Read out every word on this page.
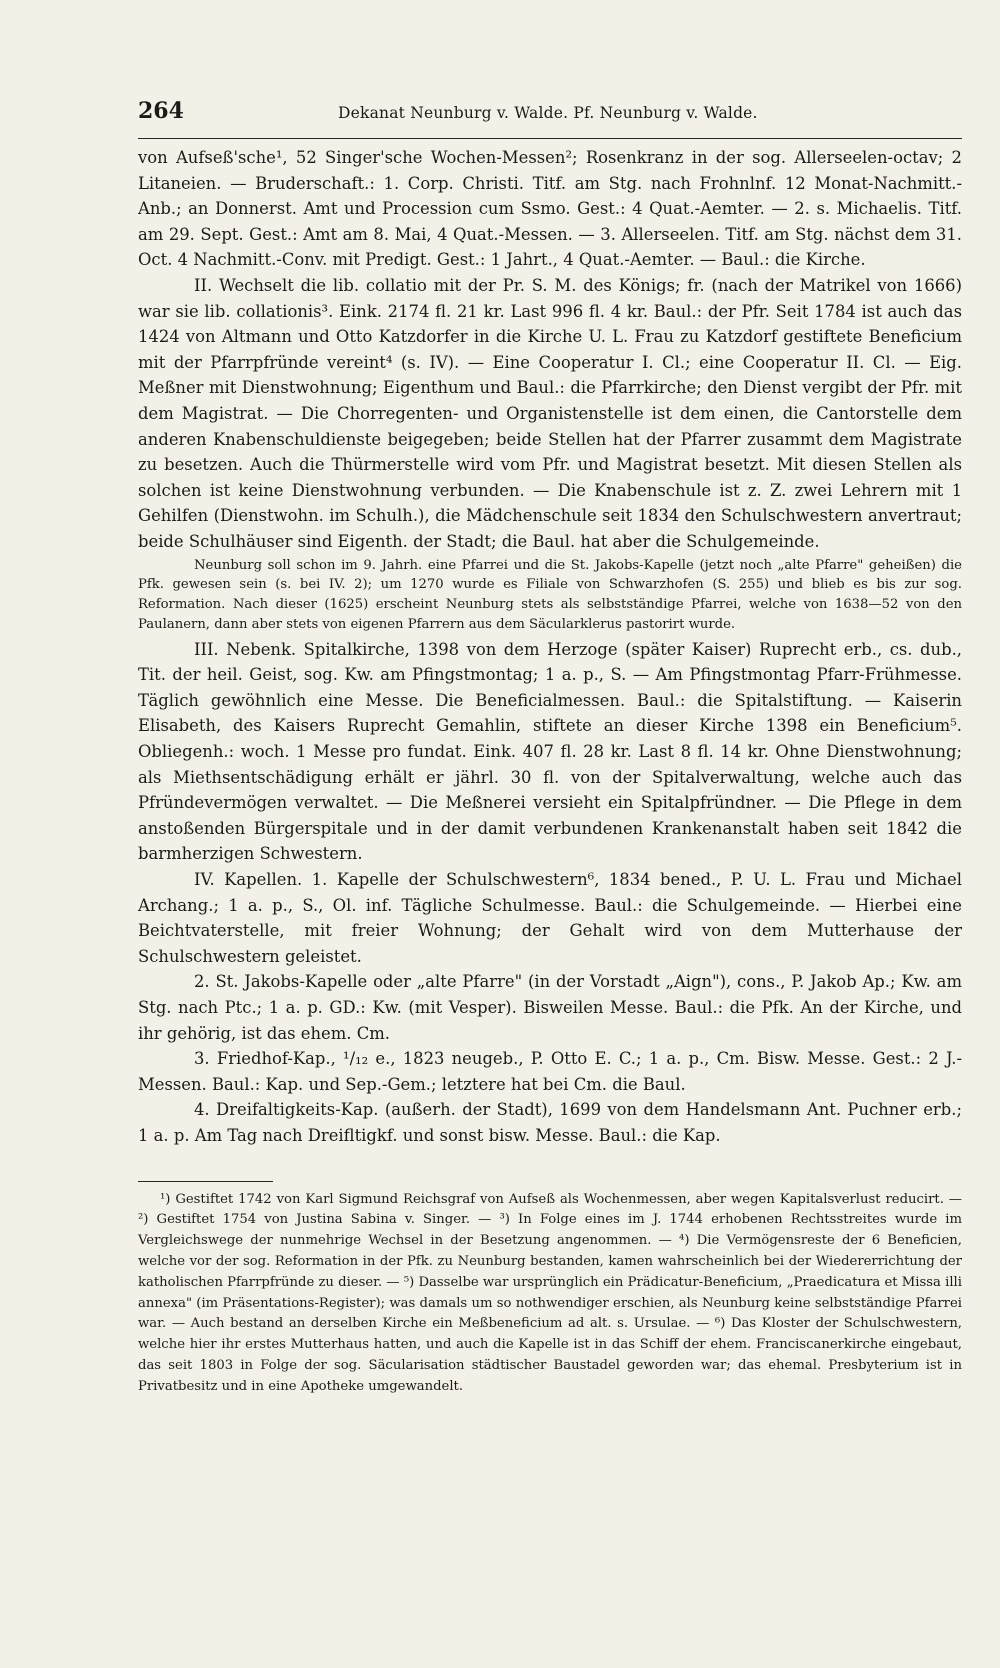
264	Dekanat Neunburg v. Walde. Pf. Neunburg v. Walde.

von Aufseß'sche¹, 52 Singer'sche Wochen-Messen²; Rosenkranz in der sog. Allerseelen-octav; 2 Litaneien. — Bruderschaft.: 1. Corp. Christi. Titf. am Stg. nach Frohnlnf. 12 Monat-Nachmitt.-Anb.; an Donnerst. Amt und Procession cum Ssmo. Gest.: 4 Quat.-Aemter. — 2. s. Michaelis. Titf. am 29. Sept. Gest.: Amt am 8. Mai, 4 Quat.-Messen. — 3. Allerseelen. Titf. am Stg. nächst dem 31. Oct. 4 Nachmitt.-Conv. mit Predigt. Gest.: 1 Jahrt., 4 Quat.-Aemter. — Baul.: die Kirche.

II. Wechselt die lib. collatio mit der Pr. S. M. des Königs; fr. (nach der Matrikel von 1666) war sie lib. collationis³. Eink. 2174 fl. 21 kr. Last 996 fl. 4 kr. Baul.: der Pfr. Seit 1784 ist auch das 1424 von Altmann und Otto Katzdorfer in die Kirche U. L. Frau zu Katzdorf gestiftete Beneficium mit der Pfarrpfründe vereint⁴ (s. IV). — Eine Cooperatur I. Cl.; eine Cooperatur II. Cl. — Eig. Meßner mit Dienstwohnung; Eigenthum und Baul.: die Pfarrkirche; den Dienst vergibt der Pfr. mit dem Magistrat. — Die Chorregenten- und Organistenstelle ist dem einen, die Cantorstelle dem anderen Knabenschuldienste beigegeben; beide Stellen hat der Pfarrer zusammt dem Magistrate zu besetzen. Auch die Thürmerstelle wird vom Pfr. und Magistrat besetzt. Mit diesen Stellen als solchen ist keine Dienstwohnung verbunden. — Die Knabenschule ist z. Z. zwei Lehrern mit 1 Gehilfen (Dienstwohn. im Schulh.), die Mädchenschule seit 1834 den Schulschwestern anvertraut; beide Schulhäuser sind Eigenth. der Stadt; die Baul. hat aber die Schulgemeinde.

Neunburg soll schon im 9. Jahrh. eine Pfarrei und die St. Jakobs-Kapelle (jetzt noch „alte Pfarre" geheißen) die Pfk. gewesen sein (s. bei IV. 2); um 1270 wurde es Filiale von Schwarzhofen (S. 255) und blieb es bis zur sog. Reformation. Nach dieser (1625) erscheint Neunburg stets als selbstständige Pfarrei, welche von 1638—52 von den Paulanern, dann aber stets von eigenen Pfarrern aus dem Säcularklerus pastorirt wurde.

III. Nebenk. Spitalkirche, 1398 von dem Herzoge (später Kaiser) Ruprecht erb., cs. dub., Tit. der heil. Geist, sog. Kw. am Pfingstmontag; 1 a. p., S. — Am Pfingstmontag Pfarr-Frühmesse. Täglich gewöhnlich eine Messe. Die Beneficialmessen. Baul.: die Spitalstiftung. — Kaiserin Elisabeth, des Kaisers Ruprecht Gemahlin, stiftete an dieser Kirche 1398 ein Beneficium⁵. Obliegenh.: woch. 1 Messe pro fundat. Eink. 407 fl. 28 kr. Last 8 fl. 14 kr. Ohne Dienstwohnung; als Miethsentschädigung erhält er jährl. 30 fl. von der Spitalverwaltung, welche auch das Pfründevermögen verwaltet. — Die Meßnerei versieht ein Spitalpfründner. — Die Pflege in dem anstoßenden Bürgerspitale und in der damit verbundenen Krankenanstalt haben seit 1842 die barmherzigen Schwestern.

IV. Kapellen. 1. Kapelle der Schulschwestern⁶, 1834 bened., P. U. L. Frau und Michael Archang.; 1 a. p., S., Ol. inf. Tägliche Schulmesse. Baul.: die Schulgemeinde. — Hierbei eine Beichtvaterstelle, mit freier Wohnung; der Gehalt wird von dem Mutterhause der Schulschwestern geleistet.

2. St. Jakobs-Kapelle oder „alte Pfarre" (in der Vorstadt „Aign"), cons., P. Jakob Ap.; Kw. am Stg. nach Ptc.; 1 a. p. GD.: Kw. (mit Vesper). Bisweilen Messe. Baul.: die Pfk. An der Kirche, und ihr gehörig, ist das ehem. Cm.

3. Friedhof-Kap., ¹/₁₂ e., 1823 neugeb., P. Otto E. C.; 1 a. p., Cm. Bisw. Messe. Gest.: 2 J.-Messen. Baul.: Kap. und Sep.-Gem.; letztere hat bei Cm. die Baul.

4. Dreifaltigkeits-Kap. (außerh. der Stadt), 1699 von dem Handelsmann Ant. Puchner erb.; 1 a. p. Am Tag nach Dreifltigkf. und sonst bisw. Messe. Baul.: die Kap.

¹) Gestiftet 1742 von Karl Sigmund Reichsgraf von Aufseß als Wochenmessen, aber wegen Kapitalsverlust reducirt. — ²) Gestiftet 1754 von Justina Sabina v. Singer. — ³) In Folge eines im J. 1744 erhobenen Rechtsstreites wurde im Vergleichswege der nunmehrige Wechsel in der Besetzung angenommen. — ⁴) Die Vermögensreste der 6 Beneficien, welche vor der sog. Reformation in der Pfk. zu Neunburg bestanden, kamen wahrscheinlich bei der Wiedererrichtung der katholischen Pfarrpfründe zu dieser. — ⁵) Dasselbe war ursprünglich ein Prädicatur-Beneficium, „Praedicatura et Missa illi annexa" (im Präsentations-Register); was damals um so nothwendiger erschien, als Neunburg keine selbstständige Pfarrei war. — Auch bestand an derselben Kirche ein Meßbeneficium ad alt. s. Ursulae. — ⁶) Das Kloster der Schulschwestern, welche hier ihr erstes Mutterhaus hatten, und auch die Kapelle ist in das Schiff der ehem. Franciscanerkirche eingebaut, das seit 1803 in Folge der sog. Säcularisation städtischer Baustadel geworden war; das ehemal. Presbyterium ist in Privatbesitz und in eine Apotheke umgewandelt.
